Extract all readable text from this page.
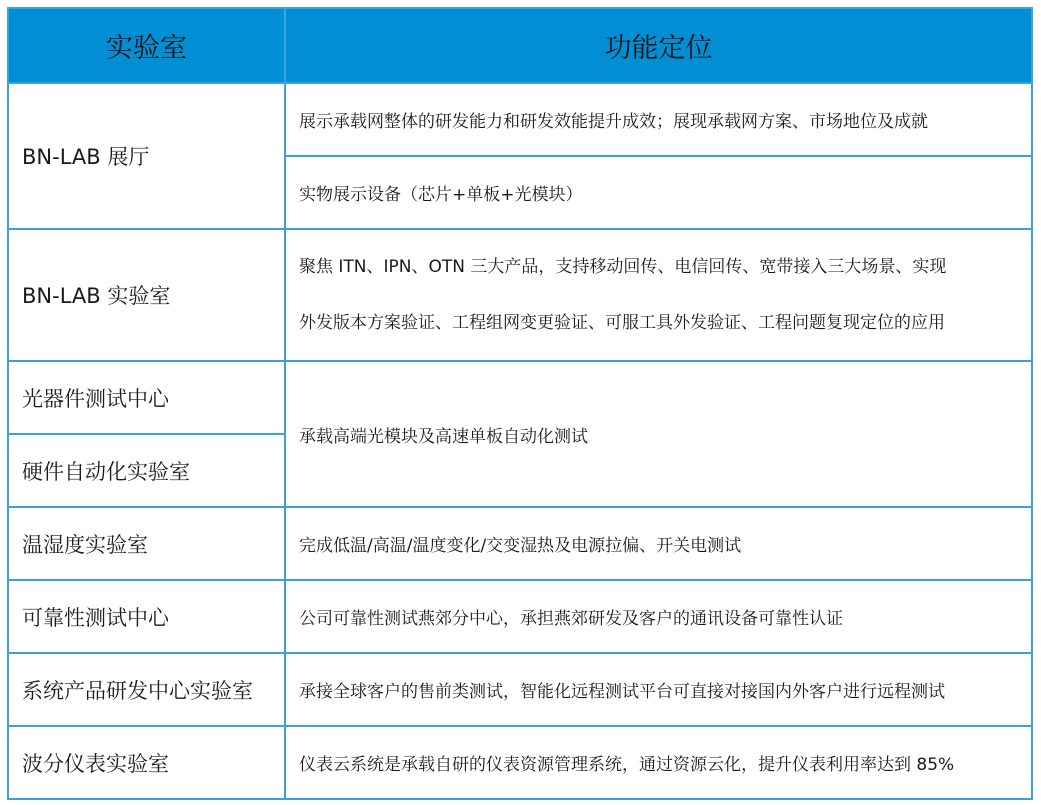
实验室	功能定位
BN-LAB 展厅	展示承载网整体的研发能力和研发效能提升成效；展现承载网方案、市场地位及成就
	实物展示设备（芯片+单板+光模块）
BN-LAB 实验室	聚焦 ITN、IPN、OTN 三大产品，支持移动回传、电信回传、宽带接入三大场景、实现
外发版本方案验证、工程组网变更验证、可服工具外发验证、工程问题复现定位的应用

光器件测试中心	承载高端光模块及高速单板自动化测试
硬件自动化实验室	
温湿度实验室	完成低温/高温/温度变化/交变湿热及电源拉偏、开关电测试
可靠性测试中心	公司可靠性测试燕郊分中心，承担燕郊研发及客户的通讯设备可靠性认证
系统产品研发中心实验室	承接全球客户的售前类测试，智能化远程测试平台可直接对接国内外客户进行远程测试
波分仪表实验室	仪表云系统是承载自研的仪表资源管理系统，通过资源云化，提升仪表利用率达到 85%
